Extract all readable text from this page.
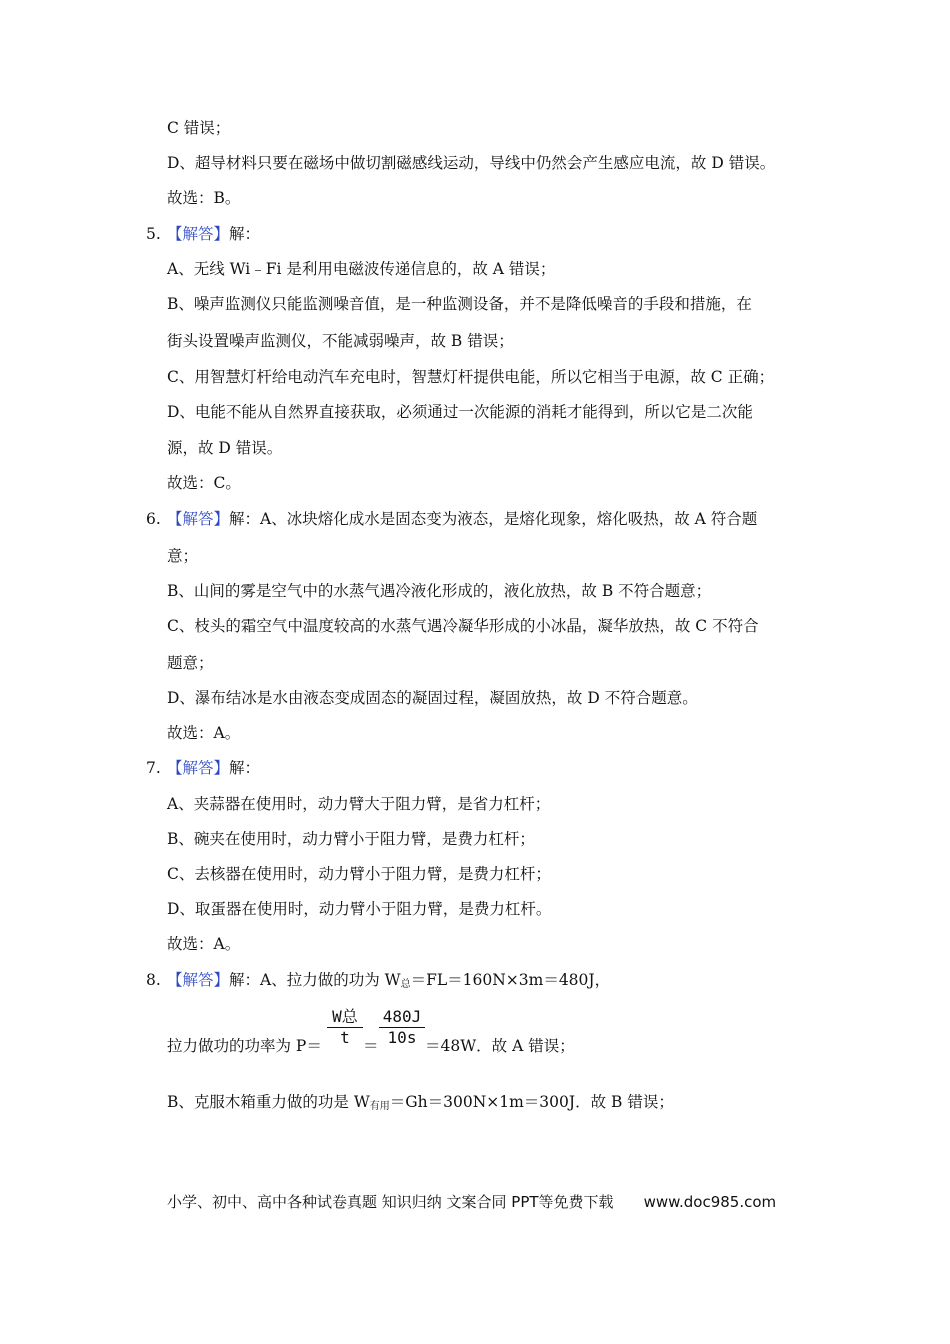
C 错误；
D、超导材料只要在磁场中做切割磁感线运动，导线中仍然会产生感应电流，故 D 错误。
故选：B。
5. 【解答】解：
A、无线 Wi﹣Fi 是利用电磁波传递信息的，故 A 错误；
B、噪声监测仪只能监测噪音值，是一种监测设备，并不是降低噪音的手段和措施，在
街头设置噪声监测仪，不能减弱噪声，故 B 错误；
C、用智慧灯杆给电动汽车充电时，智慧灯杆提供电能，所以它相当于电源，故 C 正确；
D、电能不能从自然界直接获取，必须通过一次能源的消耗才能得到，所以它是二次能
源，故 D 错误。
故选：C。
6. 【解答】解：A、冰块熔化成水是固态变为液态，是熔化现象，熔化吸热，故 A 符合题
意；
B、山间的雾是空气中的水蒸气遇冷液化形成的，液化放热，故 B 不符合题意；
C、枝头的霜空气中温度较高的水蒸气遇冷凝华形成的小冰晶，凝华放热，故 C 不符合
题意；
D、瀑布结冰是水由液态变成固态的凝固过程，凝固放热，故 D 不符合题意。
故选：A。
7. 【解答】解：
A、夹蒜器在使用时，动力臂大于阻力臂，是省力杠杆；
B、碗夹在使用时，动力臂小于阻力臂，是费力杠杆；
C、去核器在使用时，动力臂小于阻力臂，是费力杠杆；
D、取蛋器在使用时，动力臂小于阻力臂，是费力杠杆。
故选：A。
8. 【解答】解：A、拉力做的功为 $W_总=FL=160N\times 3m=480J$，
拉力做功的功率为 P＝
W总
t ＝
480J
10s ＝48W．故 A 错误；
B、克服木箱重力做的功是 $W_{有用}=Gh=300N\times 1m=300J$．故 B 错误；
小学、初中、高中各种试卷真题 知识归纳 文案合同 PPT等免费下载 www.doc985.com
